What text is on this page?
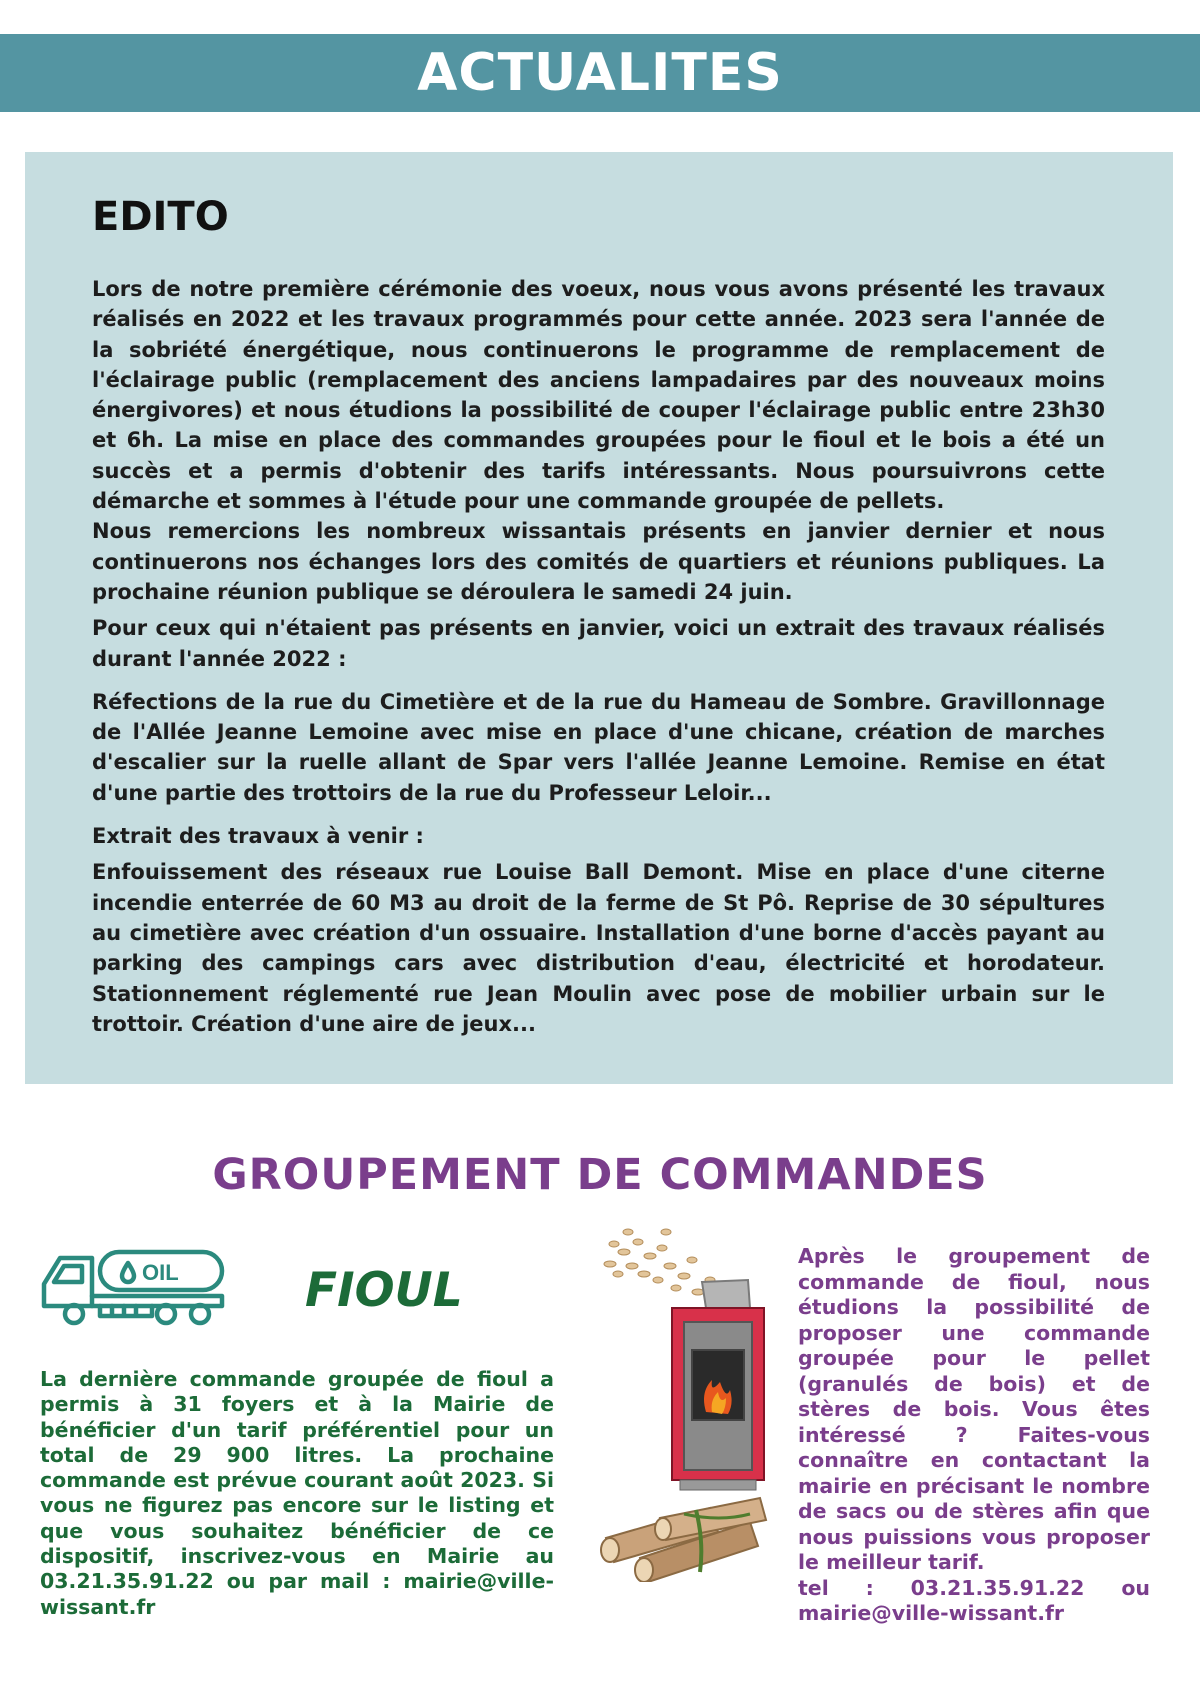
ACTUALITES
EDITO

Lors de notre première cérémonie des voeux, nous vous avons présenté les travaux réalisés en 2022 et les travaux programmés pour cette année. 2023 sera l'année de la sobriété énergétique, nous continuerons le programme de remplacement de l'éclairage public (remplacement des anciens lampadaires par des nouveaux moins énergivores) et nous étudions la possibilité de couper l'éclairage public entre 23h30 et 6h. La mise en place des commandes groupées pour le fioul et le bois a été un succès et a permis d'obtenir des tarifs intéressants. Nous poursuivrons cette démarche et sommes à l'étude pour une commande groupée de pellets.

Nous remercions les nombreux wissantais présents en janvier dernier et nous continuerons nos échanges lors des comités de quartiers et réunions publiques. La prochaine réunion publique se déroulera le samedi 24 juin.

Pour ceux qui n'étaient pas présents en janvier, voici un extrait des travaux réalisés durant l'année 2022 :

Réfections de la rue du Cimetière et de la rue du Hameau de Sombre. Gravillonnage de l'Allée Jeanne Lemoine avec mise en place d'une chicane, création de marches d'escalier sur la ruelle allant de Spar vers l'allée Jeanne Lemoine. Remise en état d'une partie des trottoirs de la rue du Professeur Leloir...

Extrait des travaux à venir :

Enfouissement des réseaux rue Louise Ball Demont. Mise en place d'une citerne incendie enterrée de 60 M3 au droit de la ferme de St Pô. Reprise de 30 sépultures au cimetière avec création d'un ossuaire. Installation d'une borne d'accès payant au parking des campings cars avec distribution d'eau, électricité et horodateur. Stationnement réglementé rue Jean Moulin avec pose de mobilier urbain sur le trottoir. Création d'une aire de jeux...

GROUPEMENT DE COMMANDES
OIL	FIOUL

La dernière commande groupée de fioul a permis à 31 foyers et à la Mairie de bénéficier d'un tarif préférentiel pour un total de 29 900 litres. La prochaine commande est prévue courant août 2023. Si vous ne figurez pas encore sur le listing et que vous souhaitez bénéficier de ce dispositif, inscrivez-vous en Mairie au 03.21.35.91.22 ou par mail : mairie@ville-wissant.fr

Après le groupement de commande de fioul, nous étudions la possibilité de proposer une commande groupée pour le pellet (granulés de bois) et de stères de bois. Vous êtes intéressé ? Faites-vous connaître en contactant la mairie en précisant le nombre de sacs ou de stères afin que nous puissions vous proposer le meilleur tarif.
tel : 03.21.35.91.22 ou mairie@ville-wissant.fr
